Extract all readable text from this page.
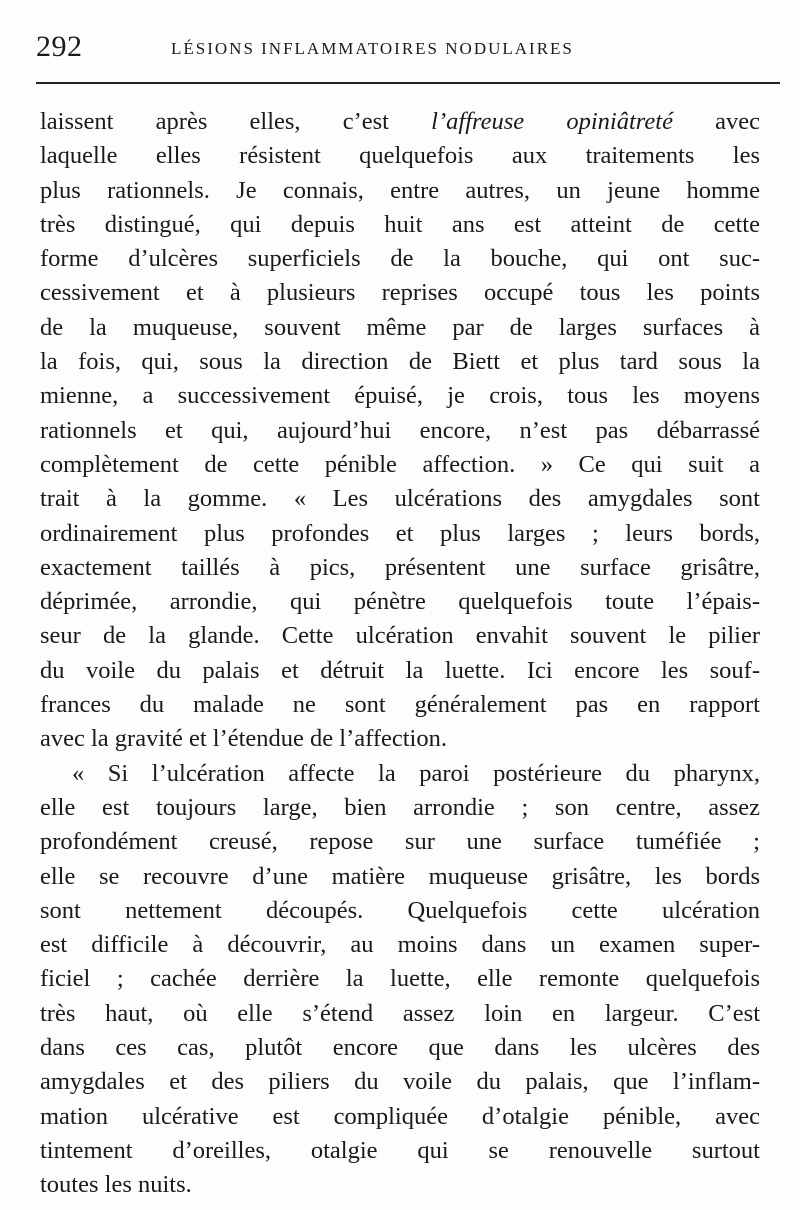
292	LÉSIONS INFLAMMATOIRES NODULAIRES
laissent après elles, c’est l’affreuse opiniâtreté avec
laquelle elles résistent quelquefois aux traitements les
plus rationnels. Je connais, entre autres, un jeune homme
très distingué, qui depuis huit ans est atteint de cette
forme d’ulcères superficiels de la bouche, qui ont suc-
cessivement et à plusieurs reprises occupé tous les points
de la muqueuse, souvent même par de larges surfaces à
la fois, qui, sous la direction de Biett et plus tard sous la
mienne, a successivement épuisé, je crois, tous les moyens
rationnels et qui, aujourd’hui encore, n’est pas débarrassé
complètement de cette pénible affection. » Ce qui suit a
trait à la gomme. « Les ulcérations des amygdales sont
ordinairement plus profondes et plus larges ; leurs bords,
exactement taillés à pics, présentent une surface grisâtre,
déprimée, arrondie, qui pénètre quelquefois toute l’épais-
seur de la glande. Cette ulcération envahit souvent le pilier
du voile du palais et détruit la luette. Ici encore les souf-
frances du malade ne sont généralement pas en rapport
avec la gravité et l’étendue de l’affection.
« Si l’ulcération affecte la paroi postérieure du pharynx,
elle est toujours large, bien arrondie ; son centre, assez
profondément creusé, repose sur une surface tuméfiée ;
elle se recouvre d’une matière muqueuse grisâtre, les bords
sont nettement découpés. Quelquefois cette ulcération
est difficile à découvrir, au moins dans un examen super-
ficiel ; cachée derrière la luette, elle remonte quelquefois
très haut, où elle s’étend assez loin en largeur. C’est
dans ces cas, plutôt encore que dans les ulcères des
amygdales et des piliers du voile du palais, que l’inflam-
mation ulcérative est compliquée d’otalgie pénible, avec
tintement d’oreilles, otalgie qui se renouvelle surtout
toutes les nuits.
